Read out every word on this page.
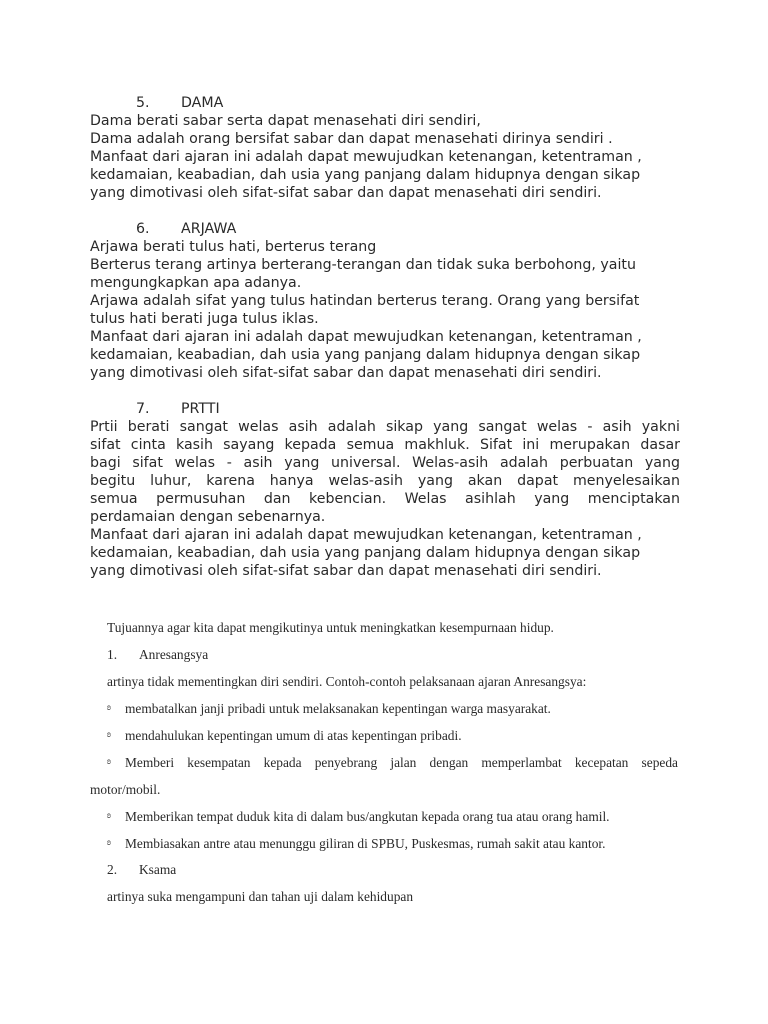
5. DAMA
Dama berati sabar serta dapat menasehati diri sendiri,
Dama adalah orang bersifat sabar dan dapat menasehati dirinya sendiri .
Manfaat dari ajaran ini adalah dapat mewujudkan ketenangan, ketentraman ,
kedamaian, keabadian, dah usia yang panjang dalam hidupnya dengan sikap
yang dimotivasi oleh sifat-sifat sabar dan dapat menasehati diri sendiri.
6. ARJAWA
Arjawa berati tulus hati, berterus terang
Berterus terang artinya berterang-terangan dan tidak suka berbohong, yaitu
mengungkapkan apa adanya.
Arjawa adalah sifat yang tulus hatindan berterus terang. Orang yang bersifat
tulus hati berati juga tulus iklas.
Manfaat dari ajaran ini adalah dapat mewujudkan ketenangan, ketentraman ,
kedamaian, keabadian, dah usia yang panjang dalam hidupnya dengan sikap
yang dimotivasi oleh sifat-sifat sabar dan dapat menasehati diri sendiri.
7. PRTTI
Prtii berati sangat welas asih adalah sikap yang sangat welas - asih yakni
sifat cinta kasih sayang kepada semua makhluk. Sifat ini merupakan dasar
bagi sifat welas - asih yang universal. Welas-asih adalah perbuatan yang
begitu luhur, karena hanya welas-asih yang akan dapat menyelesaikan
semua permusuhan dan kebencian. Welas asihlah yang menciptakan
perdamaian dengan sebenarnya.
Manfaat dari ajaran ini adalah dapat mewujudkan ketenangan, ketentraman ,
kedamaian, keabadian, dah usia yang panjang dalam hidupnya dengan sikap
yang dimotivasi oleh sifat-sifat sabar dan dapat menasehati diri sendiri.
Tujuannya agar kita dapat mengikutinya untuk meningkatkan kesempurnaan hidup.
1. Anresangsya
artinya tidak mementingkan diri sendiri. Contoh-contoh pelaksanaan ajaran Anresangsya:
ʚ membatalkan janji pribadi untuk melaksanakan kepentingan warga masyarakat.
ʚ mendahulukan kepentingan umum di atas kepentingan pribadi.
ʚ Memberi kesempatan kepada penyebrang jalan dengan memperlambat kecepatan sepeda
motor/mobil.
ʚ Memberikan tempat duduk kita di dalam bus/angkutan kepada orang tua atau orang hamil.
ʚ Membiasakan antre atau menunggu giliran di SPBU, Puskesmas, rumah sakit atau kantor.
2. Ksama
artinya suka mengampuni dan tahan uji dalam kehidupan
